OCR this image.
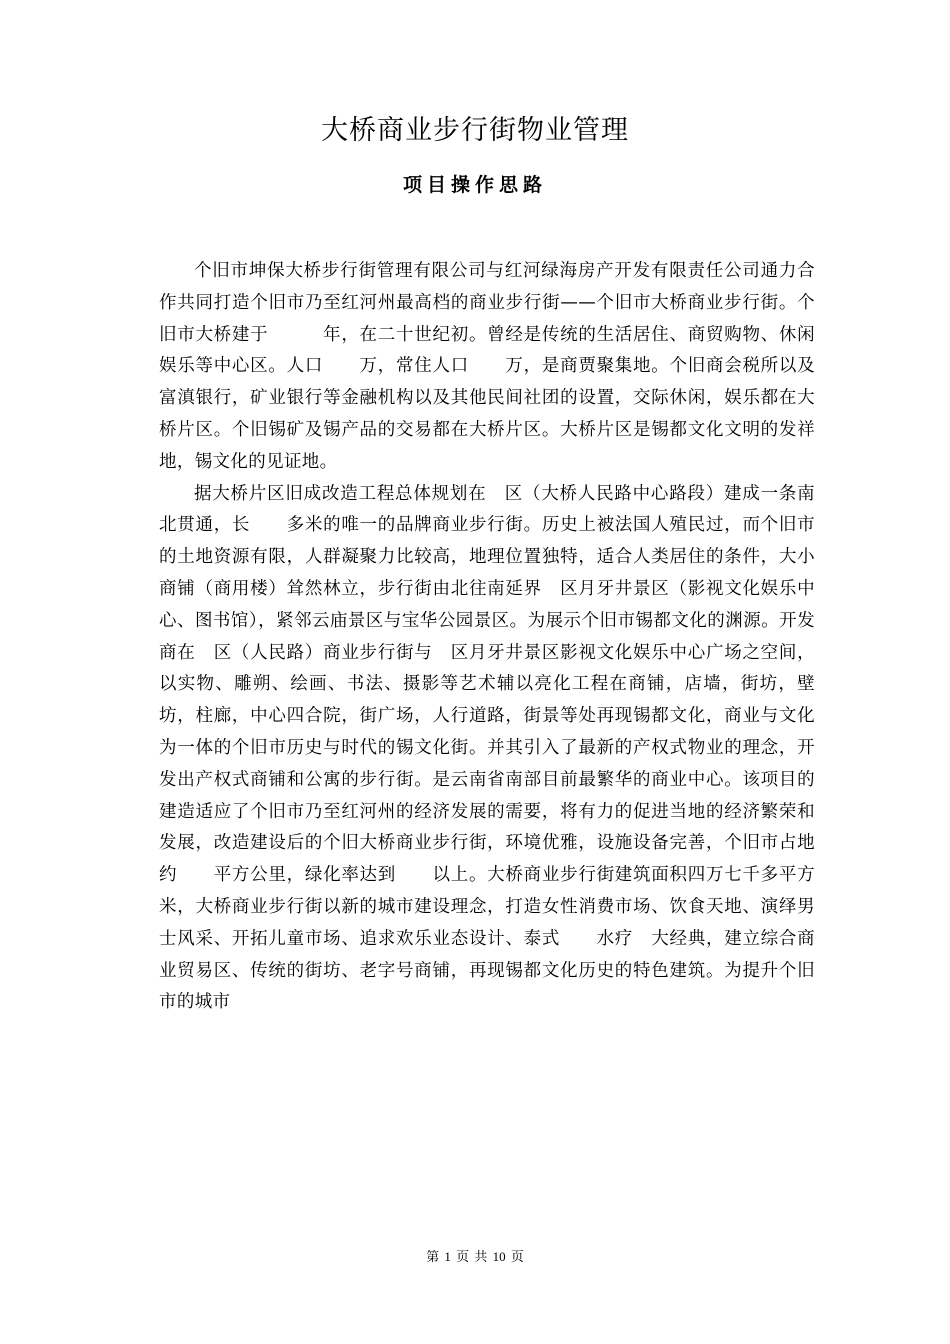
大桥商业步行街物业管理
项目操作思路

个旧市坤保大桥步行街管理有限公司与红河绿海房产开发有限责任公司通力合作共同打造个旧市乃至红河州最高档的商业步行街——个旧市大桥商业步行街。个旧市大桥建于　　　年，在二十世纪初。曾经是传统的生活居住、商贸购物、休闲娱乐等中心区。人口　　万，常住人口　　万，是商贾聚集地。个旧商会税所以及富滇银行，矿业银行等金融机构以及其他民间社团的设置，交际休闲，娱乐都在大桥片区。个旧锡矿及锡产品的交易都在大桥片区。大桥片区是锡都文化文明的发祥地，锡文化的见证地。

据大桥片区旧成改造工程总体规划在　区（大桥人民路中心路段）建成一条南北贯通，长　　多米的唯一的品牌商业步行街。历史上被法国人殖民过，而个旧市的土地资源有限，人群凝聚力比较高，地理位置独特，适合人类居住的条件，大小商铺（商用楼）耸然林立，步行街由北往南延界　区月牙井景区（影视文化娱乐中心、图书馆），紧邻云庙景区与宝华公园景区。为展示个旧市锡都文化的渊源。开发商在　区（人民路）商业步行街与　区月牙井景区影视文化娱乐中心广场之空间，以实物、雕朔、绘画、书法、摄影等艺术辅以亮化工程在商铺，店墙，街坊，壁坊，柱廊，中心四合院，街广场，人行道路，街景等处再现锡都文化，商业与文化为一体的个旧市历史与时代的锡文化街。并其引入了最新的产权式物业的理念，开发出产权式商铺和公寓的步行街。是云南省南部目前最繁华的商业中心。该项目的建造适应了个旧市乃至红河州的经济发展的需要，将有力的促进当地的经济繁荣和发展，改造建设后的个旧大桥商业步行街，环境优雅，设施设备完善，个旧市占地约　　平方公里，绿化率达到　　以上。大桥商业步行街建筑面积四万七千多平方米，大桥商业步行街以新的城市建设理念，打造女性消费市场、饮食天地、演绎男士风采、开拓儿童市场、追求欢乐业态设计、泰式　　水疗　大经典，建立综合商业贸易区、传统的街坊、老字号商铺，再现锡都文化历史的特色建筑。为提升个旧市的城市

第 1 页 共 10 页
